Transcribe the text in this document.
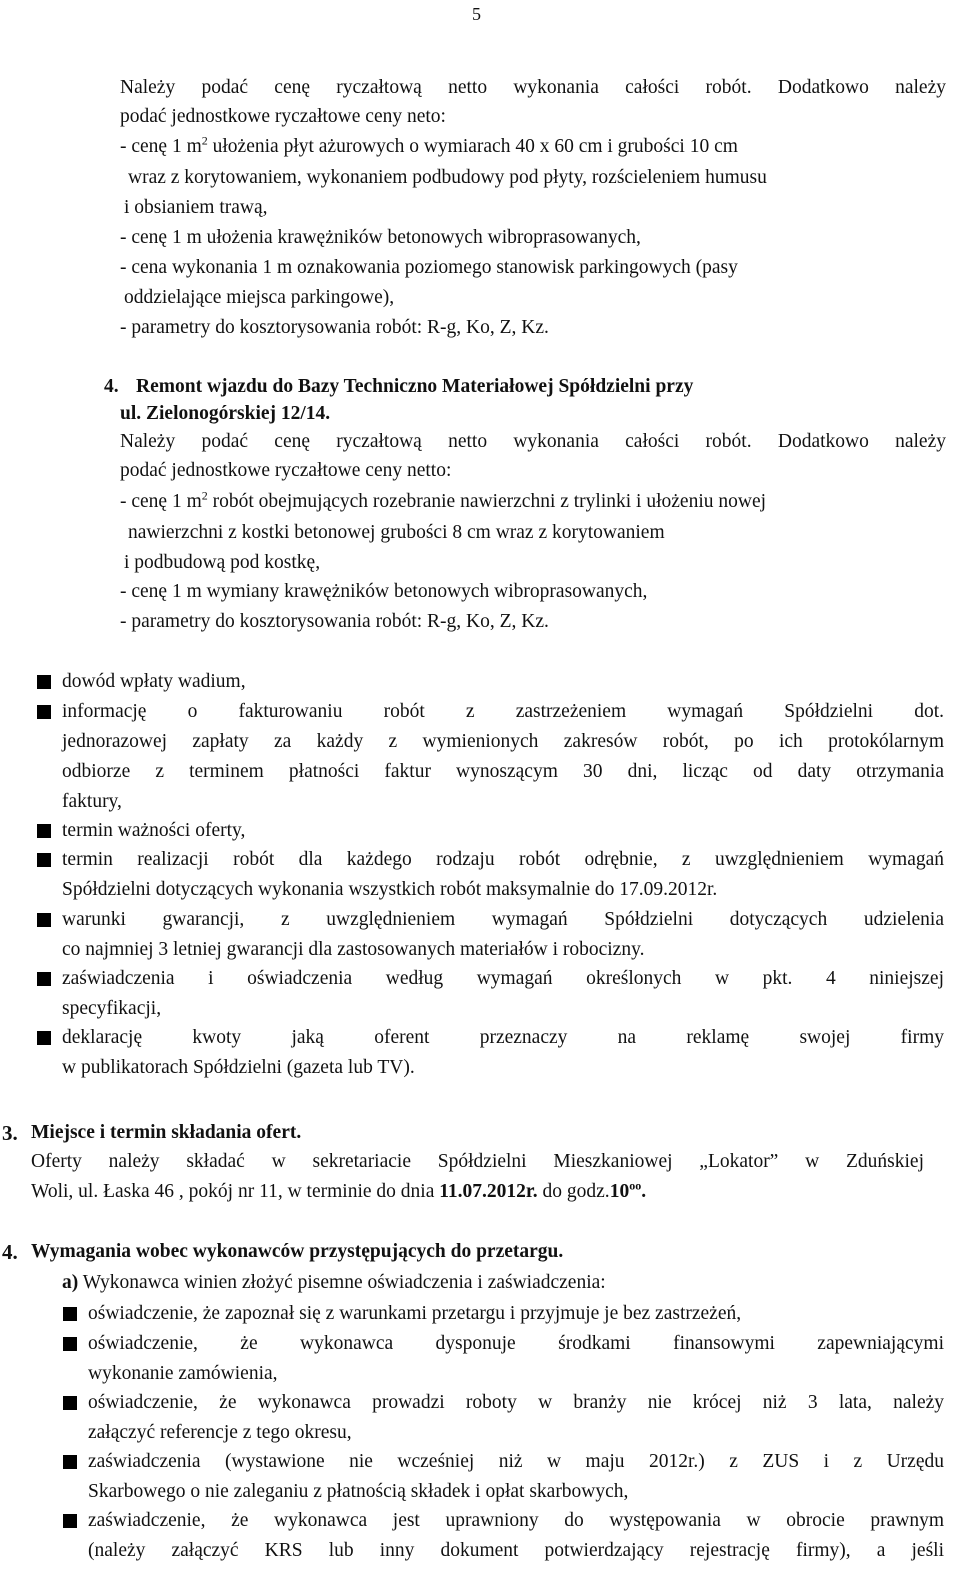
5
Należy podać cenę ryczałtową netto wykonania całości robót. Dodatkowo należy
podać jednostkowe ryczałtowe ceny neto:
- cenę 1 $m^2$ ułożenia płyt ażurowych o wymiarach 40 x 60 cm i grubości 10 cm
wraz z korytowaniem, wykonaniem podbudowy pod płyty, rozścieleniem humusu
i obsianiem trawą,
- cenę 1 m ułożenia krawężników betonowych wibroprasowanych,
- cena wykonania 1 m oznakowania poziomego stanowisk parkingowych (pasy
oddzielające miejsca parkingowe),
- parametry do kosztorysowania robót: R-g, Ko, Z, Kz.
4. Remont wjazdu do Bazy Techniczno Materiałowej Spółdzielni przy
ul. Zielonogórskiej 12/14.
Należy podać cenę ryczałtową netto wykonania całości robót. Dodatkowo należy
podać jednostkowe ryczałtowe ceny netto:
- cenę 1 $m^2$ robót obejmujących rozebranie nawierzchni z trylinki i ułożeniu nowej
nawierzchni z kostki betonowej grubości 8 cm wraz z korytowaniem
i podbudową pod kostkę,
- cenę 1 m wymiany krawężników betonowych wibroprasowanych,
- parametry do kosztorysowania robót: R-g, Ko, Z, Kz.
dowód wpłaty wadium,
informację o fakturowaniu robót z zastrzeżeniem wymagań Spółdzielni dot.
jednorazowej zapłaty za każdy z wymienionych zakresów robót, po ich protokólarnym
odbiorze z terminem płatności faktur wynoszącym 30 dni, licząc od daty otrzymania
faktury,
termin ważności oferty,
termin realizacji robót dla każdego rodzaju robót odrębnie, z uwzględnieniem wymagań
Spółdzielni dotyczących wykonania wszystkich robót maksymalnie do 17.09.2012r.
warunki gwarancji, z uwzględnieniem wymagań Spółdzielni dotyczących udzielenia
co najmniej 3 letniej gwarancji dla zastosowanych materiałów i robocizny.
zaświadczenia i oświadczenia według wymagań określonych w pkt. 4 niniejszej
specyfikacji,
deklarację kwoty jaką oferent przeznaczy na reklamę swojej firmy
w publikatorach Spółdzielni (gazeta lub TV).
3. Miejsce i termin składania ofert.
Oferty należy składać w sekretariacie Spółdzielni Mieszkaniowej „Lokator” w Zduńskiej
Woli, ul. Łaska 46 , pokój nr 11, w terminie do dnia 11.07.2012r. do $godz.10^{oo}$.
4. Wymagania wobec wykonawców przystępujących do przetargu.
a) Wykonawca winien złożyć pisemne oświadczenia i zaświadczenia:
oświadczenie, że zapoznał się z warunkami przetargu i przyjmuje je bez zastrzeżeń,
oświadczenie, że wykonawca dysponuje środkami finansowymi zapewniającymi
wykonanie zamówienia,
oświadczenie, że wykonawca prowadzi roboty w branży nie krócej niż 3 lata, należy
załączyć referencje z tego okresu,
zaświadczenia (wystawione nie wcześniej niż w maju 2012r.) z ZUS i z Urzędu
Skarbowego o nie zaleganiu z płatnością składek i opłat skarbowych,
zaświadczenie, że wykonawca jest uprawniony do występowania w obrocie prawnym
(należy załączyć KRS lub inny dokument potwierdzający rejestrację firmy), a jeśli
